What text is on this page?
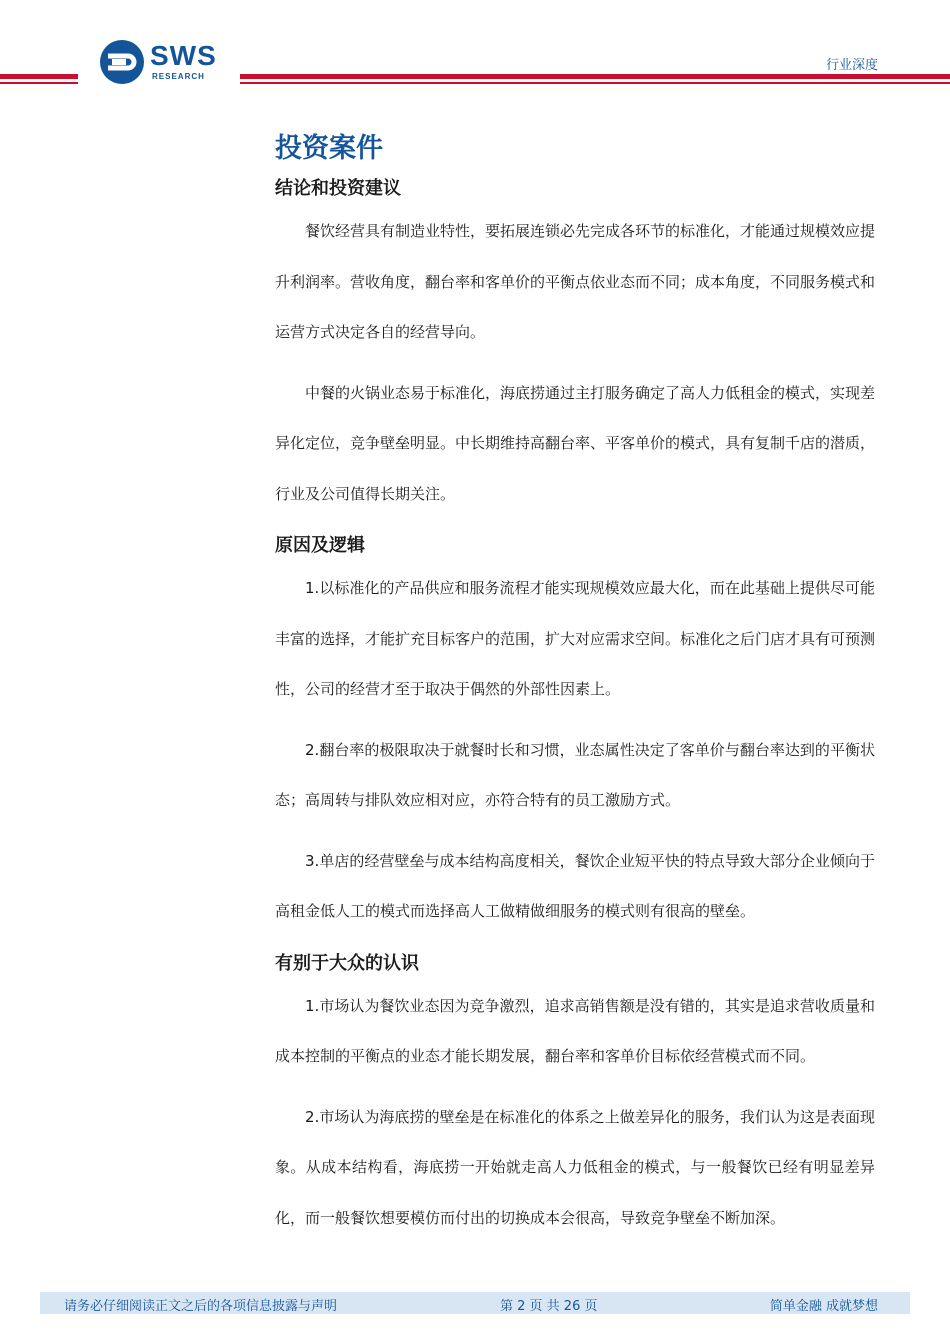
SWS
RESEARCH
行业深度
投资案件
结论和投资建议

餐饮经营具有制造业特性，要拓展连锁必先完成各环节的标准化，才能通过规模效应提升利润率。营收角度，翻台率和客单价的平衡点依业态而不同；成本角度，不同服务模式和运营方式决定各自的经营导向。

中餐的火锅业态易于标准化，海底捞通过主打服务确定了高人力低租金的模式，实现差异化定位，竞争壁垒明显。中长期维持高翻台率、平客单价的模式，具有复制千店的潜质，行业及公司值得长期关注。

原因及逻辑

1.以标准化的产品供应和服务流程才能实现规模效应最大化，而在此基础上提供尽可能丰富的选择，才能扩充目标客户的范围，扩大对应需求空间。标准化之后门店才具有可预测性，公司的经营才至于取决于偶然的外部性因素上。

2.翻台率的极限取决于就餐时长和习惯，业态属性决定了客单价与翻台率达到的平衡状态；高周转与排队效应相对应，亦符合特有的员工激励方式。

3.单店的经营壁垒与成本结构高度相关，餐饮企业短平快的特点导致大部分企业倾向于高租金低人工的模式而选择高人工做精做细服务的模式则有很高的壁垒。

有别于大众的认识

1.市场认为餐饮业态因为竞争激烈，追求高销售额是没有错的，其实是追求营收质量和成本控制的平衡点的业态才能长期发展，翻台率和客单价目标依经营模式而不同。

2.市场认为海底捞的壁垒是在标准化的体系之上做差异化的服务，我们认为这是表面现象。从成本结构看，海底捞一开始就走高人力低租金的模式，与一般餐饮已经有明显差异化，而一般餐饮想要模仿而付出的切换成本会很高，导致竞争壁垒不断加深。

请务必仔细阅读正文之后的各项信息披露与声明	第 2 页 共 26 页	简单金融 成就梦想
